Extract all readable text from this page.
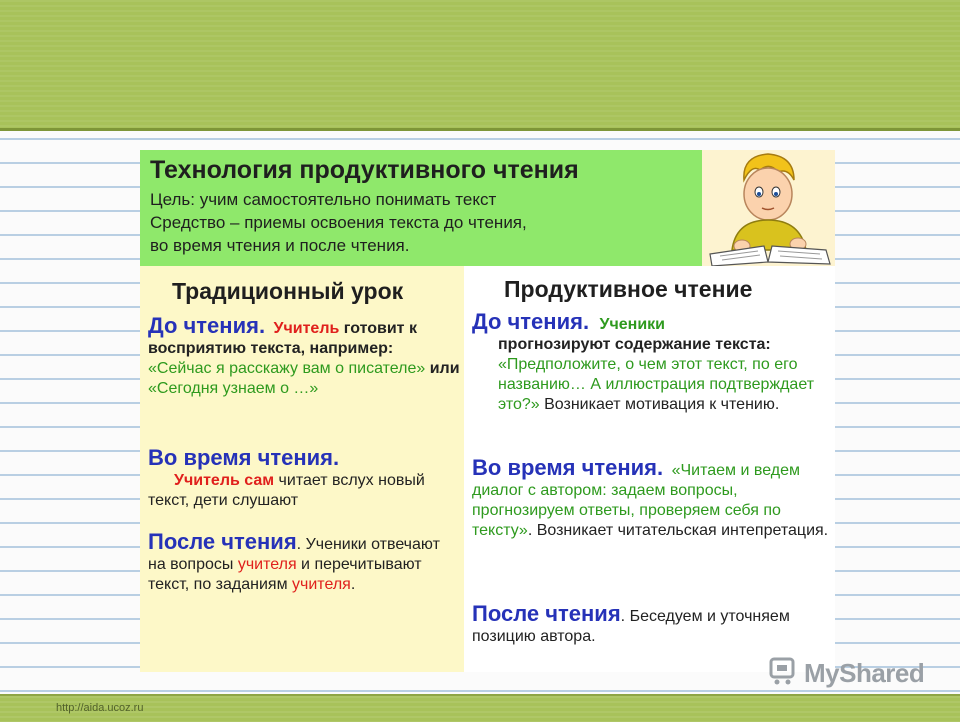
Технология продуктивного чтения
Цель: учим самостоятельно понимать текст
Средство – приемы освоения текста до чтения,
во время чтения и после чтения.
Традиционный урок
До чтения. Учитель готовит к восприятию текста, например: «Сейчас я расскажу вам о писателе» или «Сегодня узнаем о …»
Во время чтения.
Учитель сам читает вслух новый текст, дети слушают
После чтения. Ученики отвечают на вопросы учителя и перечитывают текст, по заданиям учителя.
Продуктивное чтение
До чтения. Ученики
прогнозируют содержание текста:

«Предположите, о чем этот текст, по его названию… А иллюстрация подтверждает это?» Возникает мотивация к чтению.
Во время чтения. «Читаем и ведем диалог с автором: задаем вопросы, прогнозируем ответы, проверяем себя по тексту». Возникает читательская интепретация.
После чтения. Беседуем и уточняем позицию автора.
MyShared
http://aida.ucoz.ru
